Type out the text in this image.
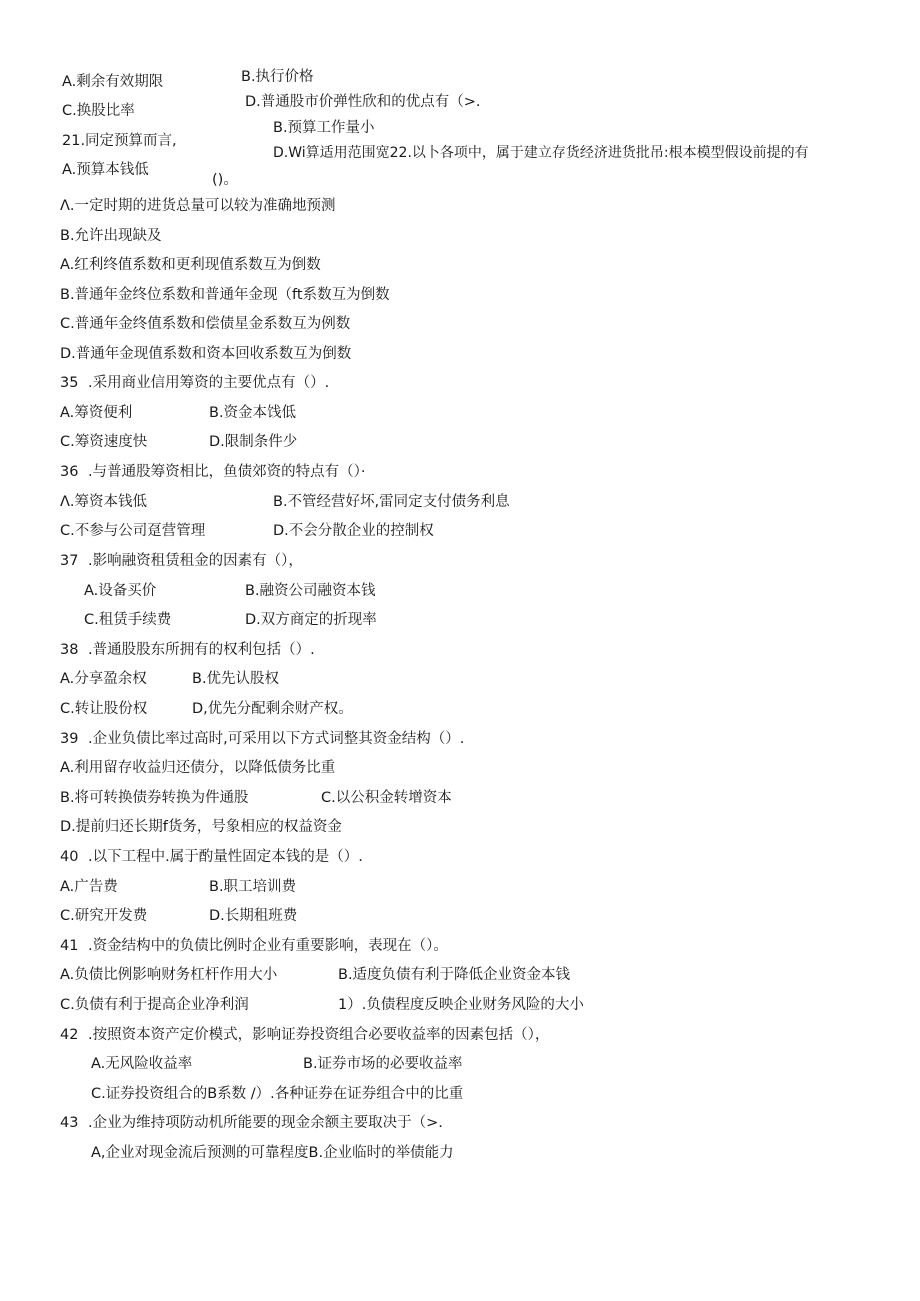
A.剩余有效期限	B.执行价格
C.换股比率
D.普通股市价弹性欣和的优点有（>.
21.同定预算而言,
B.预算工作量小
A.预算本钱低
D.Wi算适用范围宽22.以卜各项中，属于建立存货经济进货批吊:根本模型假设前提的有
()。
Λ.一定时期的进货总量可以较为准确地预测
B.允许出现缺及
A.红利终值系数和更利现值系数互为倒数
B.普通年金终位系数和普通年金现（ft系数互为倒数
C.普通年金终值系数和偿债星金系数互为例数
D.普通年金现值系数和资本回收系数互为倒数
35 .采用商业信用筹资的主要优点有（）.
A.筹资便利	B.资金本饯低
C.筹资速度快	D.限制条件少
36 .与普通股筹资相比，鱼债郊资的特点有（）·
Λ.筹资本钱低	B.不管经营好坏,雷同定支付债务利息
C.不参与公司趸营管理	D.不会分散企业的控制权
37 .影响融资租赁租金的因素有（），
A.设备买价	B.融资公司融资本钱
C.租赁手续费	D.双方商定的折现率
38 .普通股股东所拥有的权利包括（）.
A.分享盈余权	B.优先认股权
C.转让股份权	D,优先分配剩余财产权。
39 .企业负债比率过高时,可采用以下方式词整其资金结构（）.
A.利用留存收益归还债分，以降低债务比重
B.将可转换债券转换为件通股	C.以公积金转增资本
D.提前归还长期f货务，号象相应的权益资金
40 .以下工程中.属于酌量性固定本钱的是（）.
A.广告费	B.职工培训费
C.研究开发费	D.长期租班费
41 .资金结构中的负债比例时企业有重要影响，表现在（）。
A.负债比例影响财务杠杆作用大小	B.适度负债有利于降低企业资金本钱
C.负债有利于提高企业净利润	1）.负债程度反映企业财务风险的大小
42 .按照资本资产定价模式，影响证券投资组合必要收益率的因素包括（），
A.无风险收益率	B.证券市场的必要收益率
C.证券投资组合的B系数 /）.各种证券在证券组合中的比重
43 .企业为维持项防动机所能要的现金余额主要取决于（>.
A,企业对现金流后预测的可靠程度B.企业临时的举债能力
